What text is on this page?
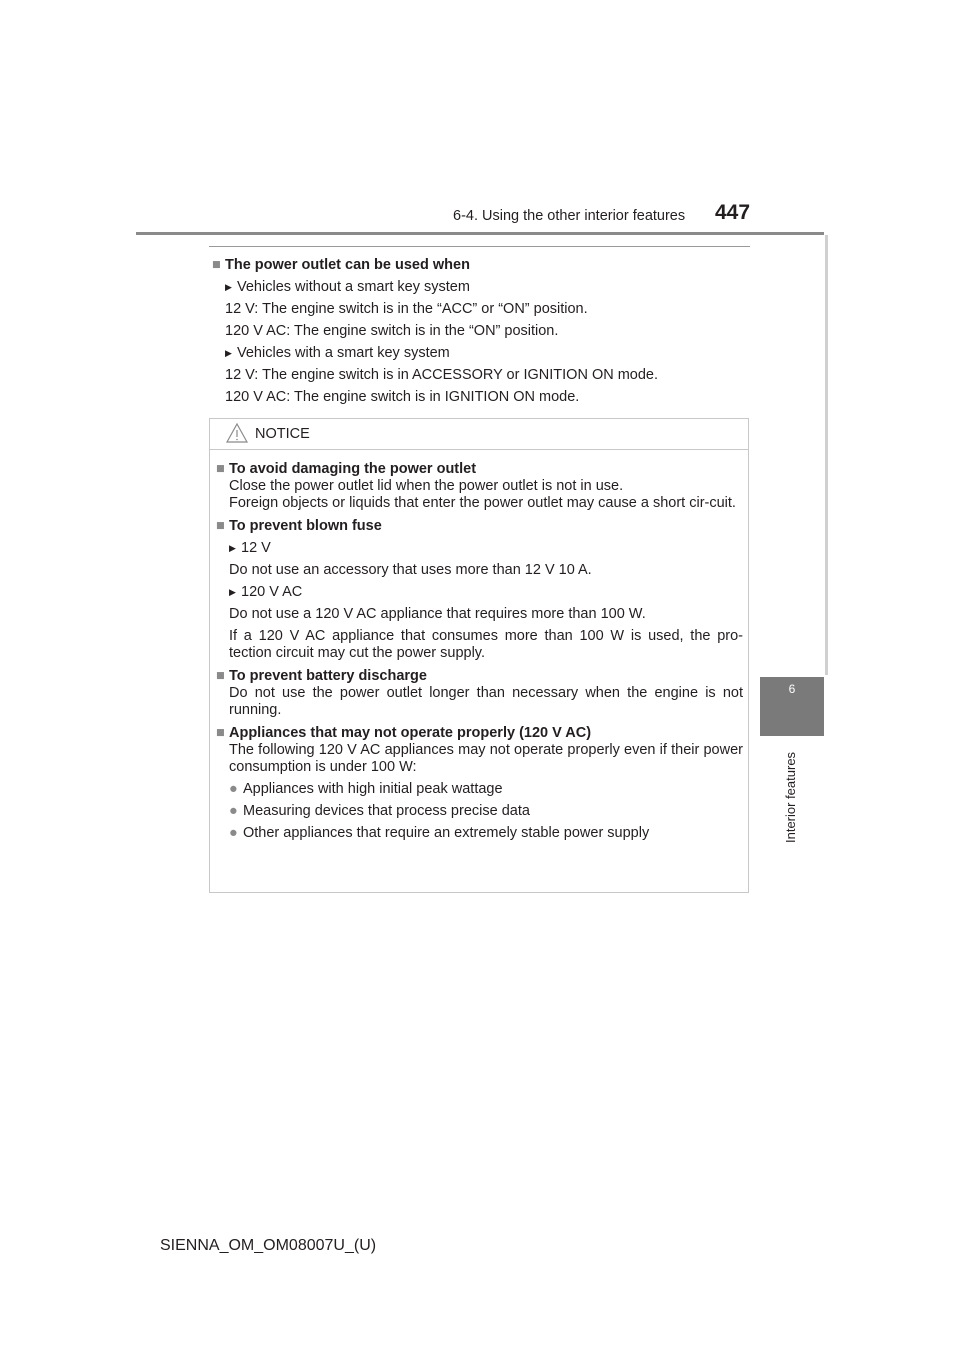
6-4. Using the other interior features 447
6
Interior features
■ The power outlet can be used when
▶ Vehicles without a smart key system
12 V: The engine switch is in the “ACC” or “ON” position.
120 V AC: The engine switch is in the “ON” position.
▶ Vehicles with a smart key system
12 V: The engine switch is in ACCESSORY or IGNITION ON mode.
120 V AC: The engine switch is in IGNITION ON mode.
NOTICE
■ To avoid damaging the power outlet
Close the power outlet lid when the power outlet is not in use.
Foreign objects or liquids that enter the power outlet may cause a short cir-cuit.
■ To prevent blown fuse
▶ 12 V
Do not use an accessory that uses more than 12 V 10 A.
▶ 120 V AC
Do not use a 120 V AC appliance that requires more than 100 W.
If a 120 V AC appliance that consumes more than 100 W is used, the pro-tection circuit may cut the power supply.
■ To prevent battery discharge
Do not use the power outlet longer than necessary when the engine is not running.
■ Appliances that may not operate properly (120 V AC)
The following 120 V AC appliances may not operate properly even if their power consumption is under 100 W:
● Appliances with high initial peak wattage
● Measuring devices that process precise data
● Other appliances that require an extremely stable power supply
SIENNA_OM_OM08007U_(U)
